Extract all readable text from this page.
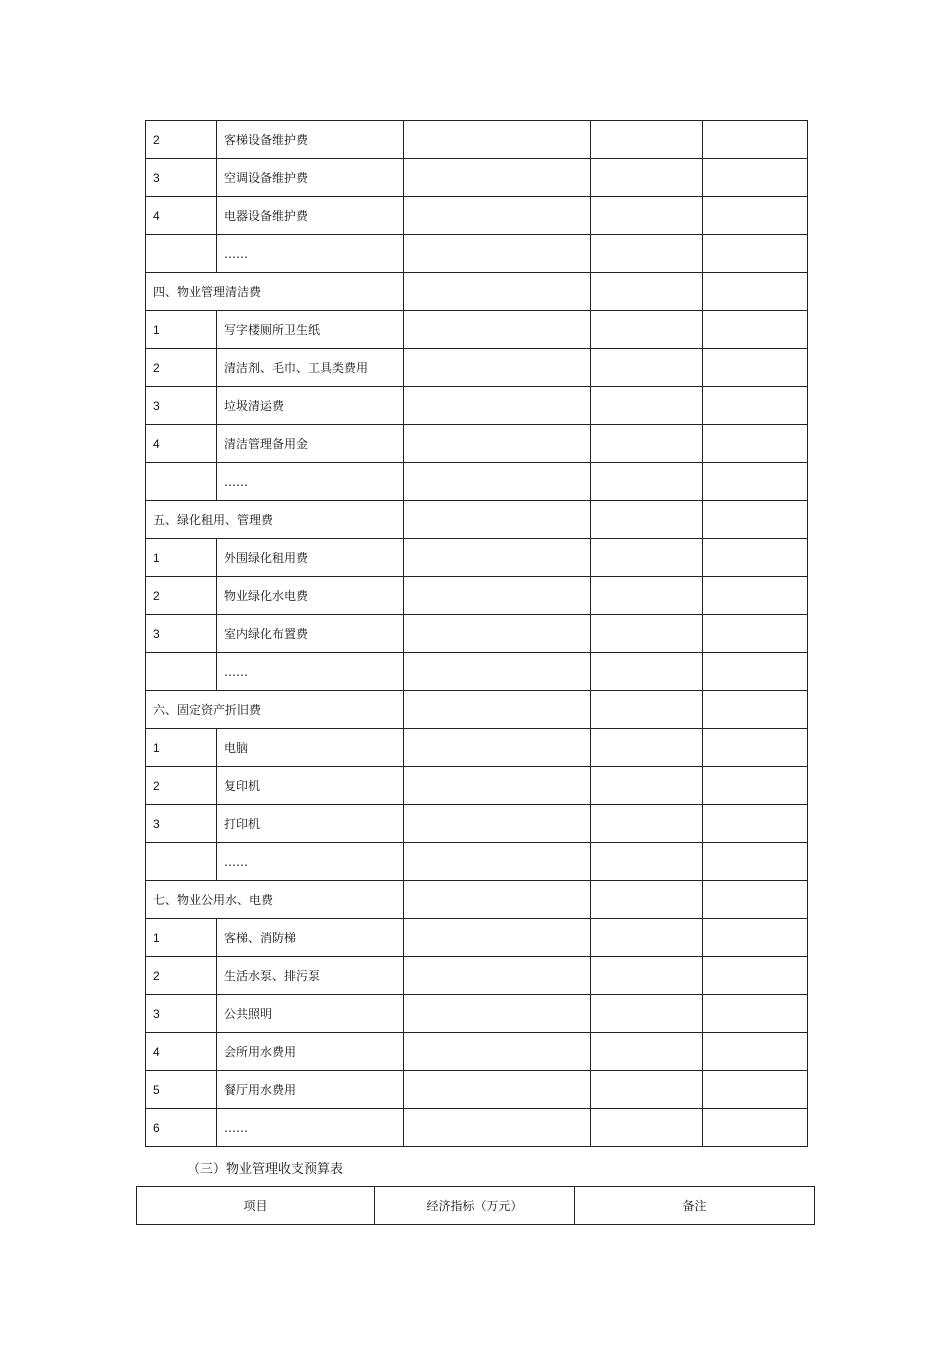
2	客梯设备维护费			
3	空调设备维护费			
4	电器设备维护费			
	……			
四、物业管理清洁费				
1	写字楼厕所卫生纸			
2	清洁剂、毛巾、工具类费用			
3	垃圾清运费			
4	清洁管理备用金			
	……			
五、绿化租用、管理费				
1	外围绿化租用费			
2	物业绿化水电费			
3	室内绿化布置费			
	……			
六、固定资产折旧费				
1	电脑			
2	复印机			
3	打印机			
	……			
七、物业公用水、电费				
1	客梯、消防梯			
2	生活水泵、排污泵			
3	公共照明			
4	会所用水费用			
5	餐厅用水费用			
6	……			

（三）物业管理收支预算表

项目	经济指标（万元）	备注
